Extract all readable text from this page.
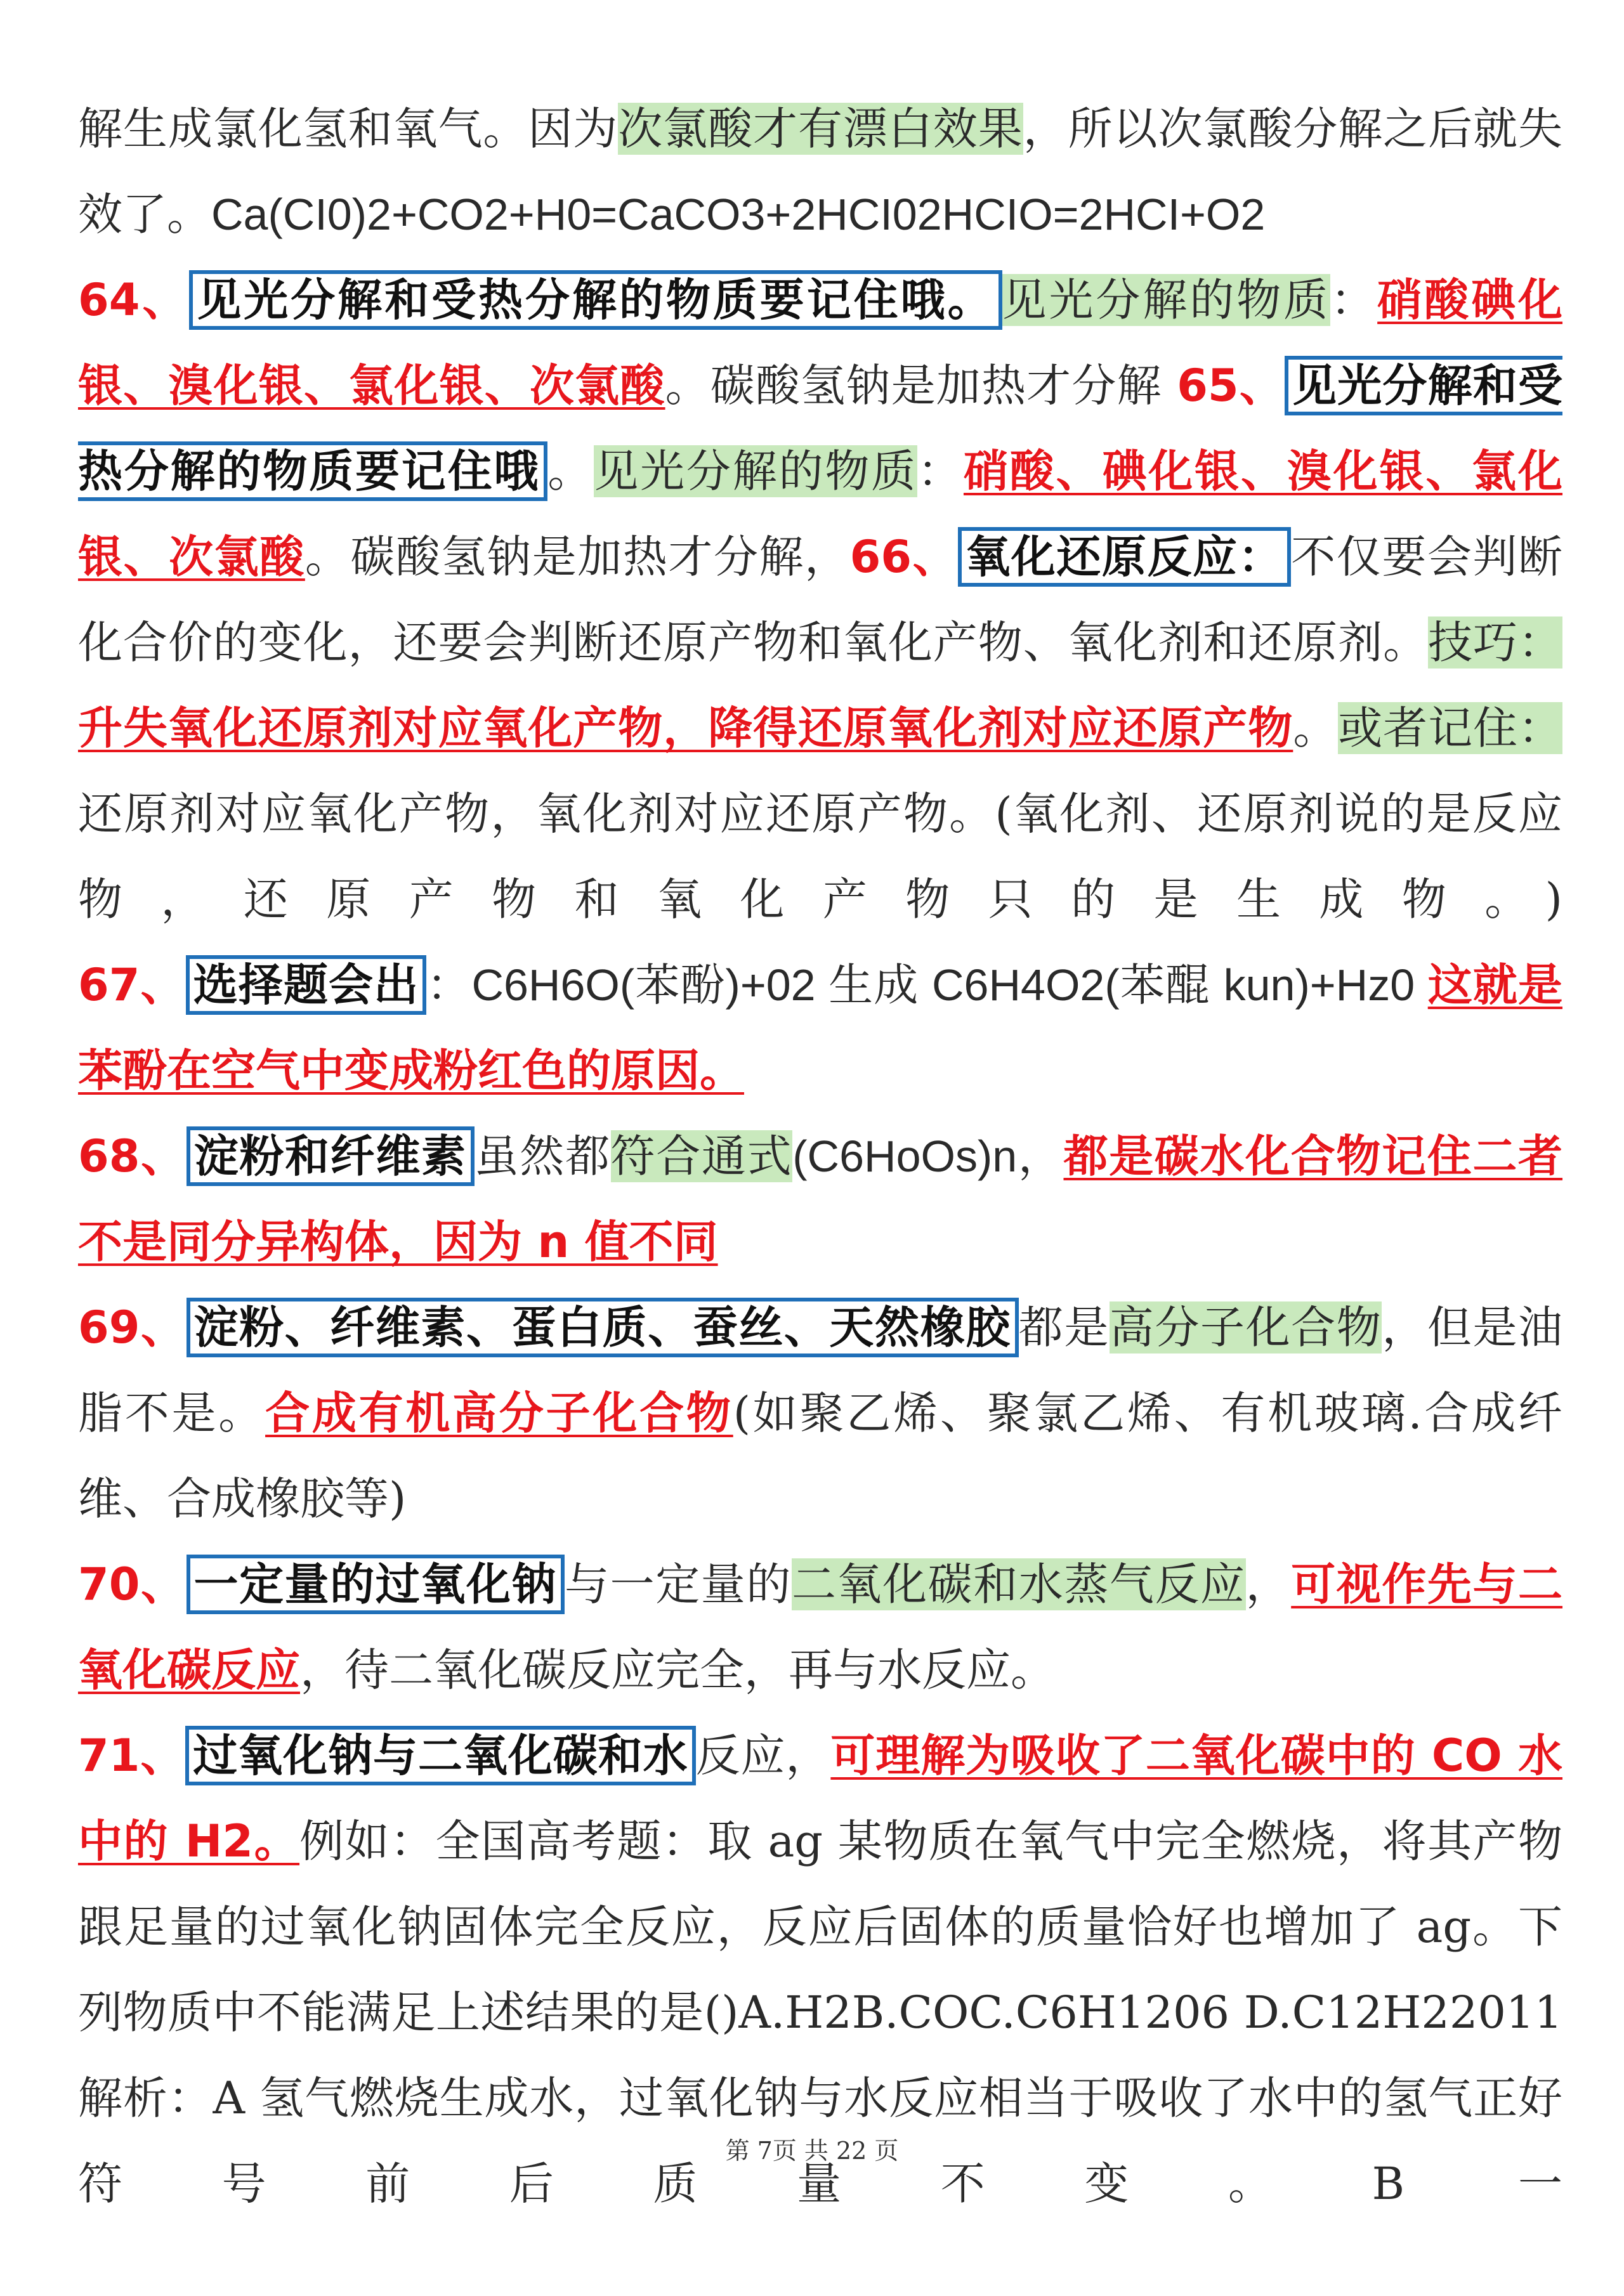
解生成氯化氢和氧气。因为次氯酸才有漂白效果，所以次氯酸分解之后就失效了。Ca(CI0)2+CO2+H0=CaCO3+2HCI02HCIO=2HCI+O2

64、 见光分解和受热分解的物质要记住哦。 见光分解的物质：硝酸碘化银、溴化银、氯化银、次氯酸。碳酸氢钠是加热才分解 65、 见光分解和受热分解的物质要记住哦 。见光分解的物质：硝酸、碘化银、溴化银、氯化银、次氯酸。碳酸氢钠是加热才分解，66、 氧化还原反应： 不仅要会判断化合价的变化，还要会判断还原产物和氧化产物、氧化剂和还原剂。技巧：升失氧化还原剂对应氧化产物，降得还原氧化剂对应还原产物。或者记住：还原剂对应氧化产物，氧化剂对应还原产物。(氧化剂、还原剂说的是反应物，还原产物和氧化产物只的是生成物。)

67、 选择题会出 ：C6H6O(苯酚)+02 生成 C6H4O2(苯醌 kun)+Hz0 这就是苯酚在空气中变成粉红色的原因。

68、 淀粉和纤维素 虽然都符合通式(C6HoOs)n，都是碳水化合物记住二者不是同分异构体，因为 n 值不同

69、 淀粉、纤维素、蛋白质、蚕丝、天然橡胶 都是高分子化合物，但是油脂不是。合成有机高分子化合物(如聚乙烯、聚氯乙烯、有机玻璃.合成纤维、合成橡胶等)

70、 一定量的过氧化钠 与一定量的二氧化碳和水蒸气反应，可视作先与二氧化碳反应，待二氧化碳反应完全，再与水反应。

71、 过氧化钠与二氧化碳和水 反应，可理解为吸收了二氧化碳中的 CO 水中的 H2。例如：全国高考题：取 ag 某物质在氧气中完全燃烧，将其产物跟足量的过氧化钠固体完全反应，反应后固体的质量恰好也增加了 ag。下列物质中不能满足上述结果的是()A.H2B.COC.C6H1206 D.C12H22011 解析：A 氢气燃烧生成水，过氧化钠与水反应相当于吸收了水中的氢气正好符号前后质量不变。B 一

第 7页 共 22 页
